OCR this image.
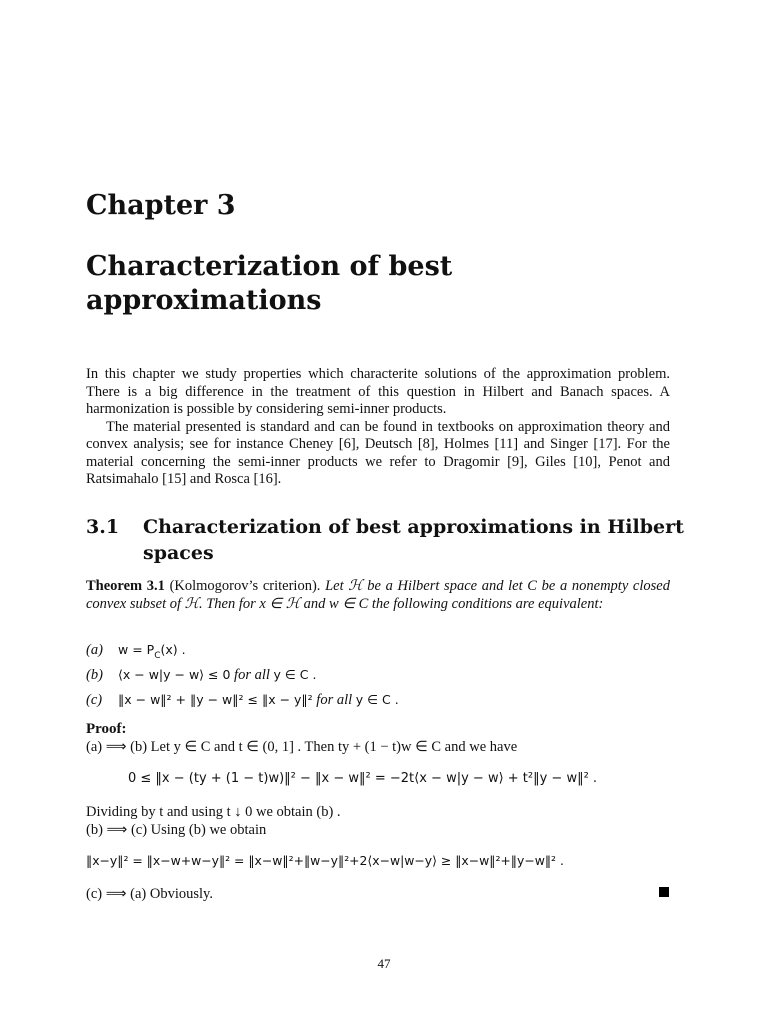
Chapter 3
Characterization of best approximations

In this chapter we study properties which characterite solutions of the approximation problem. There is a big difference in the treatment of this question in Hilbert and Banach spaces. A harmonization is possible by considering semi-inner products.

The material presented is standard and can be found in textbooks on approximation theory and convex analysis; see for instance Cheney [6], Deutsch [8], Holmes [11] and Singer [17]. For the material concerning the semi-inner products we refer to Dragomir [9], Giles [10], Penot and Ratsimahalo [15] and Rosca [16].

3.1 Characterization of best approximations in Hilbert spaces
Theorem 3.1 (Kolmogorov’s criterion). Let ℋ be a Hilbert space and let C be a nonempty closed convex subset of ℋ. Then for x ∈ ℋ and w ∈ C the following conditions are equivalent:
(a) $w = P_C(x)$ .
(b) ⟨x − w|y − w⟩ ≤ 0 for all y ∈ C .
(c) ‖x − w‖² + ‖y − w‖² ≤ ‖x − y‖² for all y ∈ C .
Proof:
(a) ⟹ (b) Let y ∈ C and t ∈ (0, 1] . Then ty + (1 − t)w ∈ C and we have
0 ≤ ‖x − (ty + (1 − t)w)‖² − ‖x − w‖² = −2t⟨x − w|y − w⟩ + t²‖y − w‖² .
Dividing by t and using t ↓ 0 we obtain (b) .
(b) ⟹ (c) Using (b) we obtain
‖x−y‖² = ‖x−w+w−y‖² = ‖x−w‖²+‖w−y‖²+2⟨x−w|w−y⟩ ≥ ‖x−w‖²+‖y−w‖² .
(c) ⟹ (a) Obviously.
47
